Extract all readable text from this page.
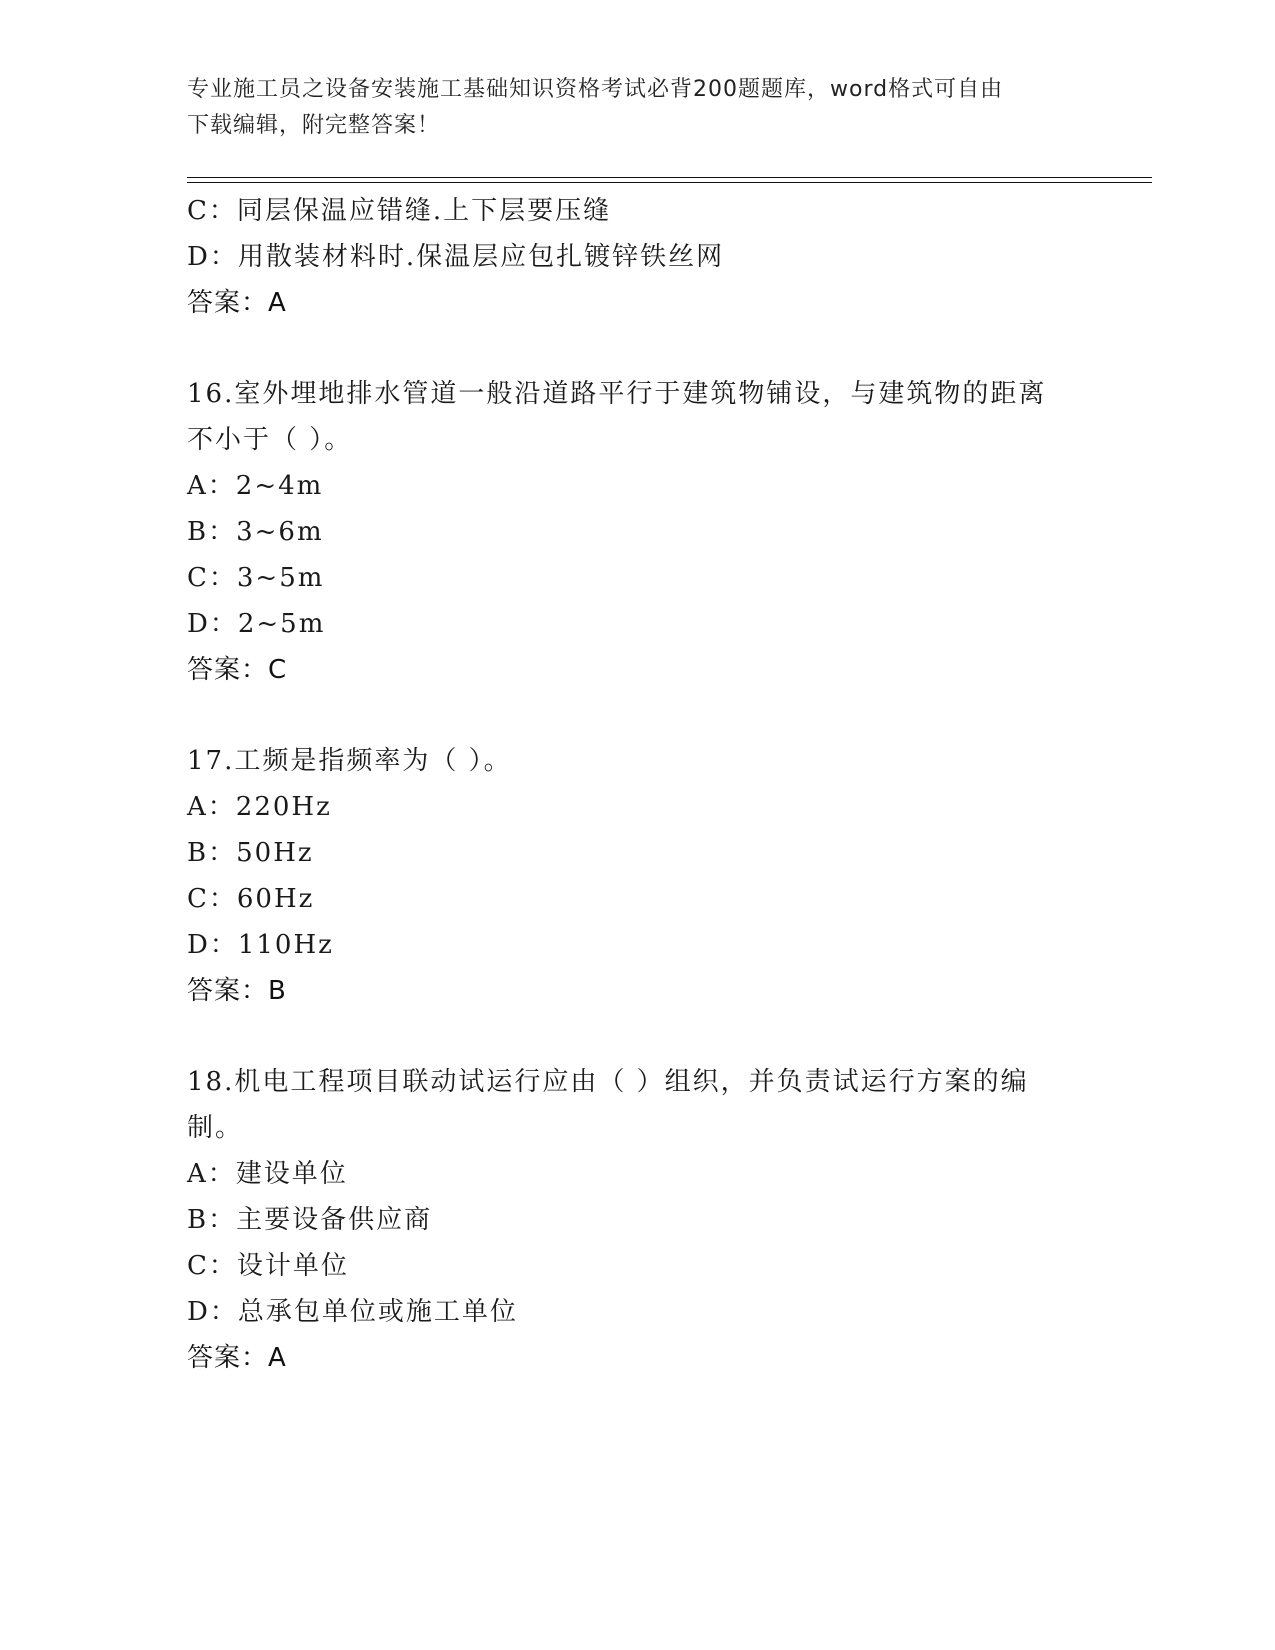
专业施工员之设备安装施工基础知识资格考试必背200题题库，word格式可自由
下载编辑，附完整答案！
C：同层保温应错缝.上下层要压缝
D：用散装材料时.保温层应包扎镀锌铁丝网
答案：A
16.室外埋地排水管道一般沿道路平行于建筑物铺设，与建筑物的距离
不小于（ ）。
A：2~4m
B：3~6m
C：3~5m
D：2~5m
答案：C
17.工频是指频率为（ ）。
A：220Hz
B：50Hz
C：60Hz
D：110Hz
答案：B
18.机电工程项目联动试运行应由（ ）组织，并负责试运行方案的编
制。
A：建设单位
B：主要设备供应商
C：设计单位
D：总承包单位或施工单位
答案：A
